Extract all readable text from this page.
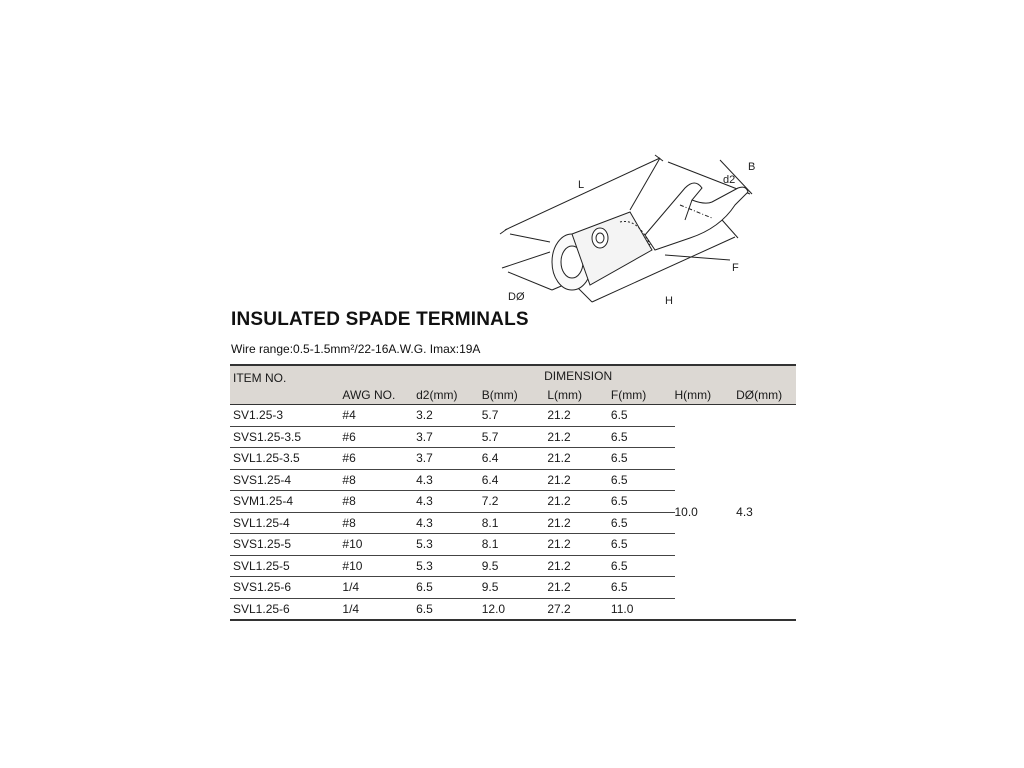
L
B
d2
F
H
DØ
INSULATED SPADE TERMINALS
Wire range:0.5-1.5mm²/22-16A.W.G. Imax:19A
ITEM NO.			DIMENSION				
	AWG NO.	d2(mm)	B(mm)	L(mm)	F(mm)	H(mm)	DØ(mm)
SV1.25-3	#4	3.2	5.7	21.2	6.5	10.0	4.3
SVS1.25-3.5	#6	3.7	5.7	21.2	6.5		
SVL1.25-3.5	#6	3.7	6.4	21.2	6.5		
SVS1.25-4	#8	4.3	6.4	21.2	6.5		
SVM1.25-4	#8	4.3	7.2	21.2	6.5		
SVL1.25-4	#8	4.3	8.1	21.2	6.5		
SVS1.25-5	#10	5.3	8.1	21.2	6.5		
SVL1.25-5	#10	5.3	9.5	21.2	6.5		
SVS1.25-6	1/4	6.5	9.5	21.2	6.5		
SVL1.25-6	1/4	6.5	12.0	27.2	11.0		
